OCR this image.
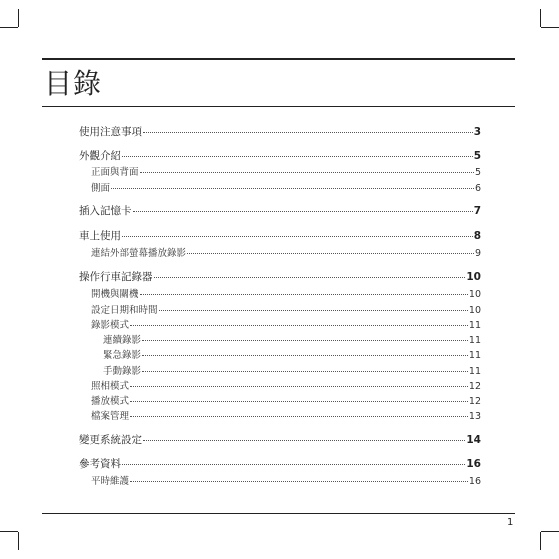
目錄
使用注意事項	3
外觀介紹	5
正面與背面	5
側面	6
插入記憶卡	7
車上使用	8
連結外部螢幕播放錄影	9
操作行車記錄器	10
開機與關機	10
設定日期和時間	10
錄影模式	11
連續錄影	11
緊急錄影	11
手動錄影	11
照相模式	12
播放模式	12
檔案管理	13
變更系統設定	14
參考資料	16
平時維護	16
1
